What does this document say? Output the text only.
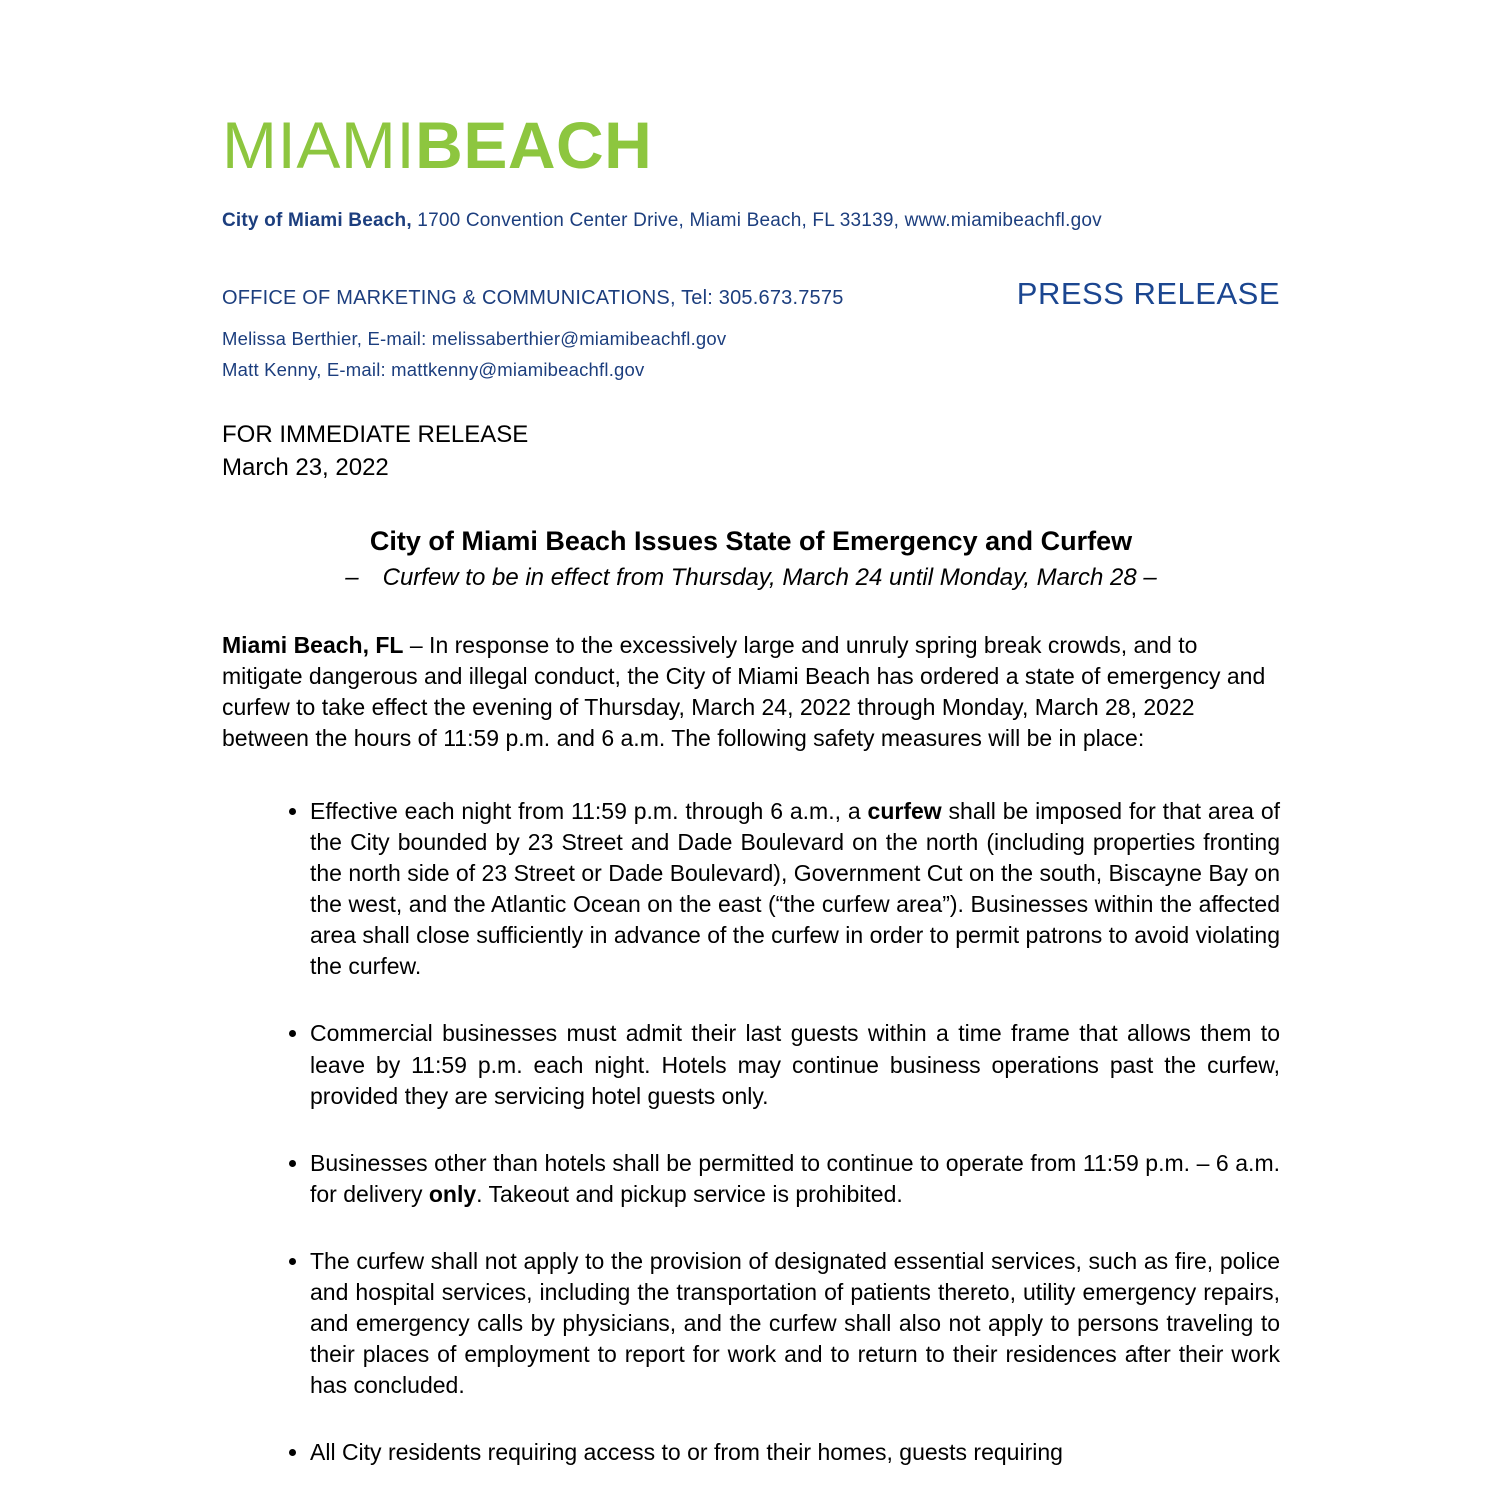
MIAMIBEACH

City of Miami Beach, 1700 Convention Center Drive, Miami Beach, FL 33139, www.miamibeachfl.gov

OFFICE OF MARKETING & COMMUNICATIONS, Tel: 305.673.7575	PRESS RELEASE

Melissa Berthier, E-mail: melissaberthier@miamibeachfl.gov

Matt Kenny, E-mail: mattkenny@miamibeachfl.gov

FOR IMMEDIATE RELEASE

March 23, 2022

City of Miami Beach Issues State of Emergency and Curfew

–  Curfew to be in effect from Thursday, March 24 until Monday, March 28 –

Miami Beach, FL – In response to the excessively large and unruly spring break crowds, and to mitigate dangerous and illegal conduct, the City of Miami Beach has ordered a state of emergency and curfew to take effect the evening of Thursday, March 24, 2022 through Monday, March 28, 2022 between the hours of 11:59 p.m. and 6 a.m. The following safety measures will be in place:

• Effective each night from 11:59 p.m. through 6 a.m., a curfew shall be imposed for that area of the City bounded by 23 Street and Dade Boulevard on the north (including properties fronting the north side of 23 Street or Dade Boulevard), Government Cut on the south, Biscayne Bay on the west, and the Atlantic Ocean on the east (“the curfew area”). Businesses within the affected area shall close sufficiently in advance of the curfew in order to permit patrons to avoid violating the curfew.
• Commercial businesses must admit their last guests within a time frame that allows them to leave by 11:59 p.m. each night. Hotels may continue business operations past the curfew, provided they are servicing hotel guests only.
• Businesses other than hotels shall be permitted to continue to operate from 11:59 p.m. – 6 a.m. for delivery only. Takeout and pickup service is prohibited.
• The curfew shall not apply to the provision of designated essential services, such as fire, police and hospital services, including the transportation of patients thereto, utility emergency repairs, and emergency calls by physicians, and the curfew shall also not apply to persons traveling to their places of employment to report for work and to return to their residences after their work has concluded.
• All City residents requiring access to or from their homes, guests requiring
